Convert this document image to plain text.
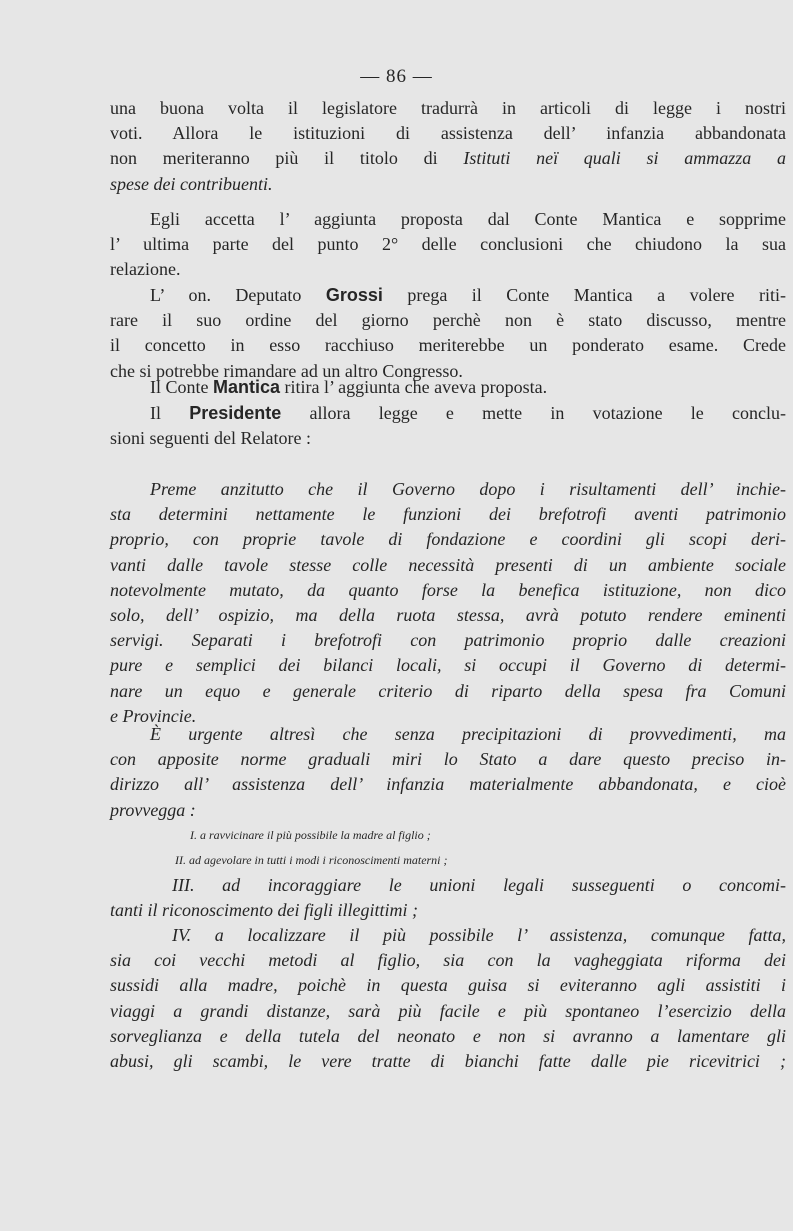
— 86 —
una buona volta il legislatore tradurrà in articoli di legge i nostri
voti. Allora le istituzioni di assistenza dell’ infanzia abbandonata
non meriteranno più il titolo di Istituti neï quali si ammazza a
spese dei contribuenti.
Egli accetta l’ aggiunta proposta dal Conte Mantica e sopprime
l’ ultima parte del punto 2° delle conclusioni che chiudono la sua
relazione.
L’ on. Deputato Grossi prega il Conte Mantica a volere riti-
rare il suo ordine del giorno perchè non è stato discusso, mentre
il concetto in esso racchiuso meriterebbe un ponderato esame. Crede
che si potrebbe rimandare ad un altro Congresso.
Il Conte Mantica ritira l’ aggiunta che aveva proposta.
Il Presidente allora legge e mette in votazione le conclu-
sioni seguenti del Relatore :
Preme anzitutto che il Governo dopo i risultamenti dell’ inchie-
sta determini nettamente le funzioni dei brefotrofi aventi patrimonio
proprio, con proprie tavole di fondazione e coordini gli scopi deri-
vanti dalle tavole stesse colle necessità presenti di un ambiente sociale
notevolmente mutato, da quanto forse la benefica istituzione, non dico
solo, dell’ ospizio, ma della ruota stessa, avrà potuto rendere eminenti
servigi. Separati i brefotrofi con patrimonio proprio dalle creazioni
pure e semplici dei bilanci locali, si occupi il Governo di determi-
nare un equo e generale criterio di riparto della spesa fra Comuni
e Provincie.
È urgente altresì che senza precipitazioni di provvedimenti, ma
con apposite norme graduali miri lo Stato a dare questo preciso in-
dirizzo all’ assistenza dell’ infanzia materialmente abbandonata, e cioè
provvegga :
I. a ravvicinare il più possibile la madre al figlio ;
II. ad agevolare in tutti i modi i riconoscimenti materni ;
III. ad incoraggiare le unioni legali susseguenti o concomi-
tanti il riconoscimento dei figli illegittimi ;
IV. a localizzare il più possibile l’ assistenza, comunque fatta,
sia coi vecchi metodi al figlio, sia con la vagheggiata riforma dei
sussidi alla madre, poichè in questa guisa si eviteranno agli assistiti i
viaggi a grandi distanze, sarà più facile e più spontaneo l’esercizio della
sorveglianza e della tutela del neonato e non si avranno a lamentare gli
abusi, gli scambi, le vere tratte di bianchi fatte dalle pie ricevitrici ;
